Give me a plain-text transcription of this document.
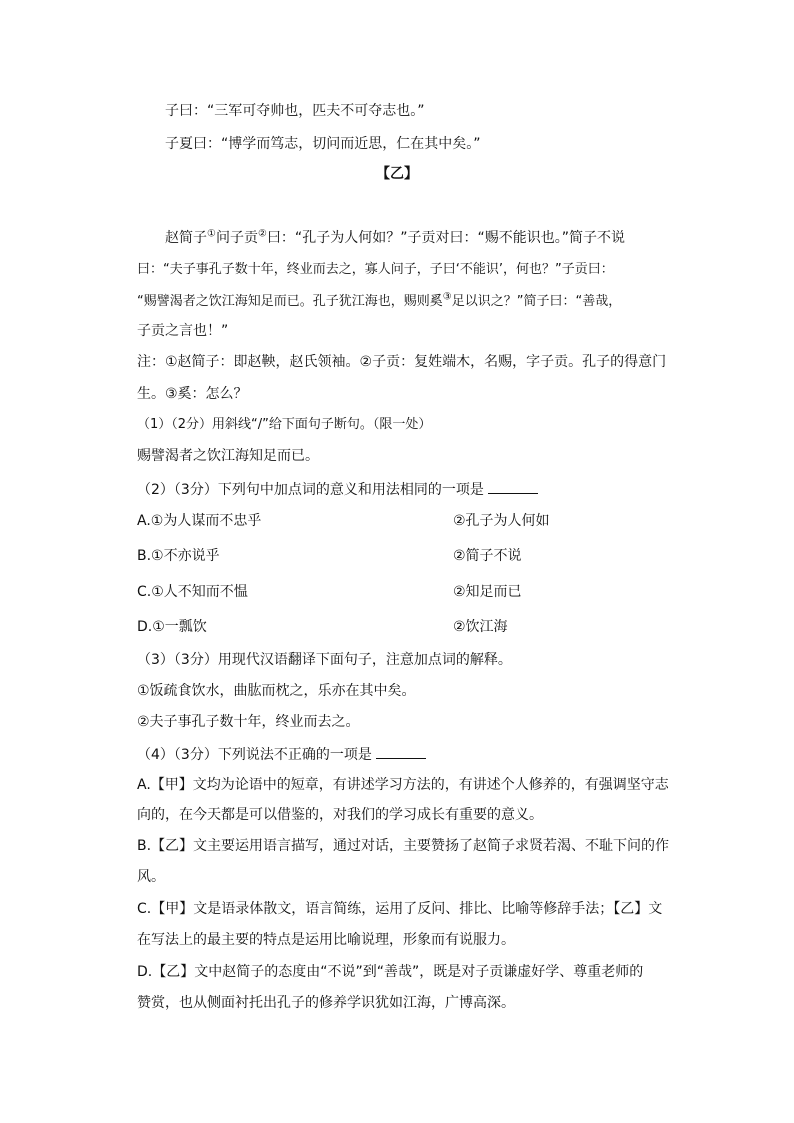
子曰：“三军可夺帅也，匹夫不可夺志也。”
子夏曰：“博学而笃志，切问而近思，仁在其中矣。”
【乙】
赵简子①问子贡②曰：“孔子为人何如？”子贡对曰：“赐不能识也。”简子不说
曰：“夫子事孔子数十年，终业而去之，寡人问子，子曰‘不能识’，何也？”子贡曰：
“赐譬渴者之饮江海知足而已。孔子犹江海也，赐则奚③足以识之？”简子曰：“善哉，
子贡之言也！”
注：①赵简子：即赵鞅，赵氏领袖。②子贡：复姓端木，名赐，字子贡。孔子的得意门
生。③奚：怎么？
（1）（2分）用斜线“/”给下面句子断句。（限一处）
赐譬渴者之饮江海知足而已。
（2）（3分）下列句中加点词的意义和用法相同的一项是
A.①为人谋而不忠乎	②孔子为人何如
B.①不亦说乎	②简子不说
C.①人不知而不愠	②知足而已
D.①一瓢饮	②饮江海
（3）（3分）用现代汉语翻译下面句子，注意加点词的解释。
①饭疏食饮水，曲肱而枕之，乐亦在其中矣。
②夫子事孔子数十年，终业而去之。
（4）（3分）下列说法不正确的一项是
A.【甲】文均为论语中的短章，有讲述学习方法的，有讲述个人修养的，有强调坚守志
向的，在今天都是可以借鉴的，对我们的学习成长有重要的意义。
B.【乙】文主要运用语言描写，通过对话，主要赞扬了赵简子求贤若渴、不耻下问的作
风。
C.【甲】文是语录体散文，语言简练，运用了反问、排比、比喻等修辞手法；【乙】文
在写法上的最主要的特点是运用比喻说理，形象而有说服力。
D.【乙】文中赵简子的态度由“不说”到“善哉”，既是对子贡谦虚好学、尊重老师的
赞赏，也从侧面衬托出孔子的修养学识犹如江海，广博高深。
